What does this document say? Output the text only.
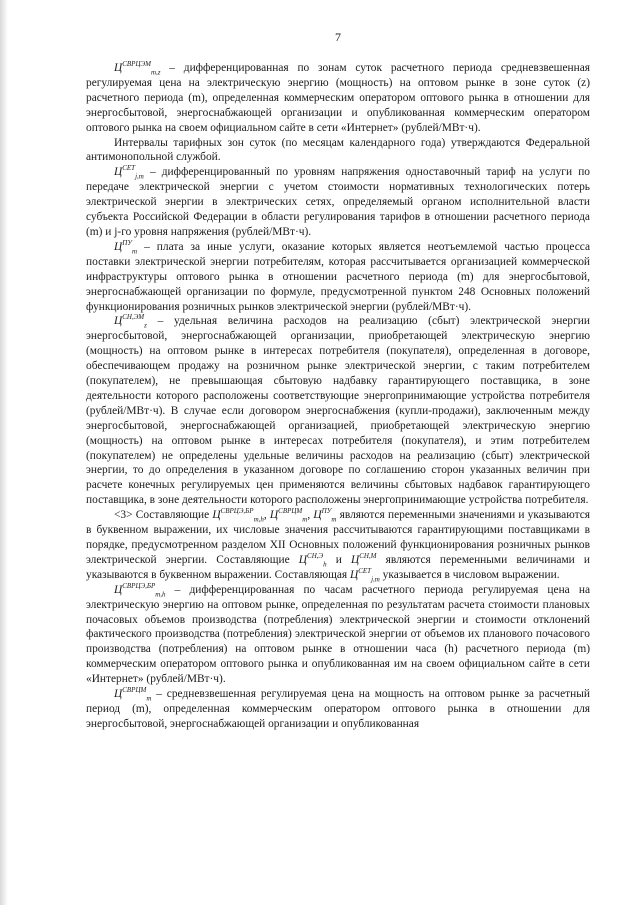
7

$Ц^{СВРЦЭМ}_{m,z}$ – дифференцированная по зонам суток расчетного периода средневзвешенная регулируемая цена на электрическую энергию (мощность) на оптовом рынке в зоне суток (z) расчетного периода (m), определенная коммерческим оператором оптового рынка в отношении для энергосбытовой, энергоснабжающей организации и опубликованная коммерческим оператором оптового рынка на своем официальном сайте в сети «Интернет» (рублей/МВт·ч).

Интервалы тарифных зон суток (по месяцам календарного года) утверждаются Федеральной антимонопольной службой.

$Ц^{СЕТ}_{j,m}$ – дифференцированный по уровням напряжения одноставочный тариф на услуги по передаче электрической энергии с учетом стоимости нормативных технологических потерь электрической энергии в электрических сетях, определяемый органом исполнительной власти субъекта Российской Федерации в области регулирования тарифов в отношении расчетного периода (m) и j-го уровня напряжения (рублей/МВт·ч).

$Ц^{ПУ}_m$ – плата за иные услуги, оказание которых является неотъемлемой частью процесса поставки электрической энергии потребителям, которая рассчитывается организацией коммерческой инфраструктуры оптового рынка в отношении расчетного периода (m) для энергосбытовой, энергоснабжающей организации по формуле, предусмотренной пунктом 248 Основных положений функционирования розничных рынков электрической энергии (рублей/МВт·ч).

$Ц^{СН,ЭМ}_z$ – удельная величина расходов на реализацию (сбыт) электрической энергии энергосбытовой, энергоснабжающей организации, приобретающей электрическую энергию (мощность) на оптовом рынке в интересах потребителя (покупателя), определенная в договоре, обеспечивающем продажу на розничном рынке электрической энергии, с таким потребителем (покупателем), не превышающая сбытовую надбавку гарантирующего поставщика, в зоне деятельности которого расположены соответствующие энергопринимающие устройства потребителя (рублей/МВт·ч). В случае если договором энергоснабжения (купли-продажи), заключенным между энергосбытовой, энергоснабжающей организацией, приобретающей электрическую энергию (мощность) на оптовом рынке в интересах потребителя (покупателя), и этим потребителем (покупателем) не определены удельные величины расходов на реализацию (сбыт) электрической энергии, то до определения в указанном договоре по соглашению сторон указанных величин при расчете конечных регулируемых цен применяются величины сбытовых надбавок гарантирующего поставщика, в зоне деятельности которого расположены энергопринимающие устройства потребителя.

<3> Составляющие $Ц^{СВРЦЭ,БР}_{m,h}$, $Ц^{СВРЦМ}_m$, $Ц^{ПУ}_m$ являются переменными значениями и указываются в буквенном выражении, их числовые значения рассчитываются гарантирующими поставщиками в порядке, предусмотренном разделом XII Основных положений функционирования розничных рынков электрической энергии. Составляющие $Ц^{СН,Э}_h$ и $Ц^{СН,М}$ являются переменными величинами и указываются в буквенном выражении. Составляющая $Ц^{СЕТ}_{j,m}$ указывается в числовом выражении.

$Ц^{СВРЦЭ,БР}_{m,h}$ – дифференцированная по часам расчетного периода регулируемая цена на электрическую энергию на оптовом рынке, определенная по результатам расчета стоимости плановых почасовых объемов производства (потребления) электрической энергии и стоимости отклонений фактического производства (потребления) электрической энергии от объемов их планового почасового производства (потребления) на оптовом рынке в отношении часа (h) расчетного периода (m) коммерческим оператором оптового рынка и опубликованная им на своем официальном сайте в сети «Интернет» (рублей/МВт·ч).

$Ц^{СВРЦМ}_m$ – средневзвешенная регулируемая цена на мощность на оптовом рынке за расчетный период (m), определенная коммерческим оператором оптового рынка в отношении для энергосбытовой, энергоснабжающей организации и опубликованная
